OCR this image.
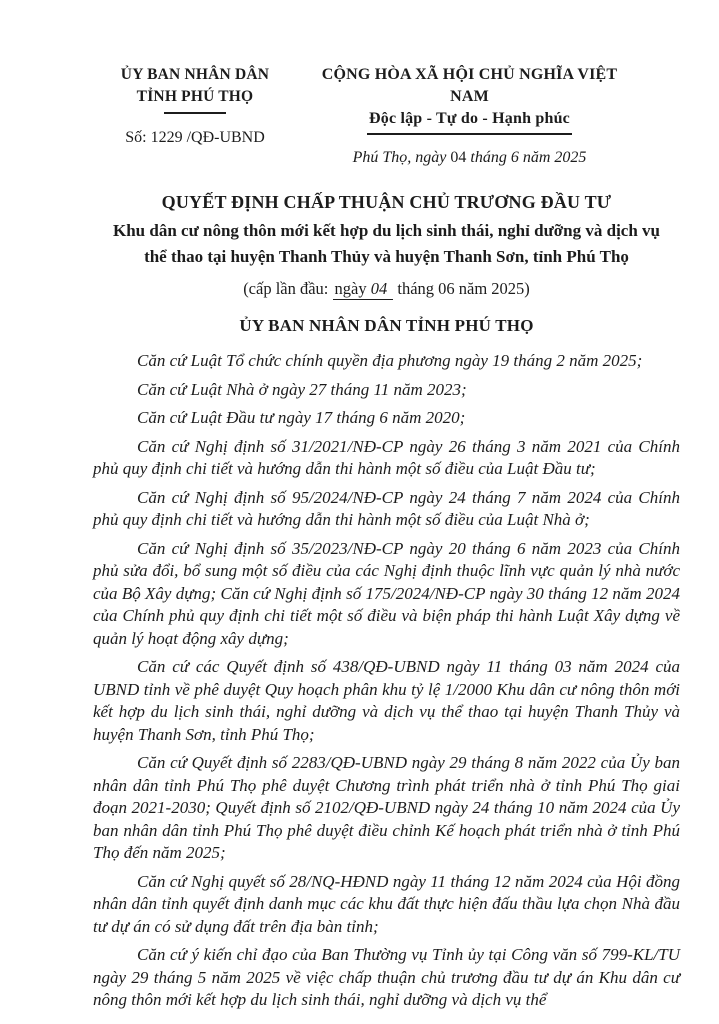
ỦY BAN NHÂN DÂN
TỈNH PHÚ THỌ
Số: 1229 /QĐ-UBND
CỘNG HÒA XÃ HỘI CHỦ NGHĨA VIỆT NAM
Độc lập - Tự do - Hạnh phúc
Phú Thọ, ngày 04 tháng 6 năm 2025
QUYẾT ĐỊNH CHẤP THUẬN CHỦ TRƯƠNG ĐẦU TƯ
Khu dân cư nông thôn mới kết hợp du lịch sinh thái, nghỉ dưỡng và dịch vụ
thể thao tại huyện Thanh Thủy và huyện Thanh Sơn, tỉnh Phú Thọ
(cấp lần đầu: ngày 04 tháng 06 năm 2025)
ỦY BAN NHÂN DÂN TỈNH PHÚ THỌ

Căn cứ Luật Tổ chức chính quyền địa phương ngày 19 tháng 2 năm 2025;

Căn cứ Luật Nhà ở ngày 27 tháng 11 năm 2023;

Căn cứ Luật Đầu tư ngày 17 tháng 6 năm 2020;

Căn cứ Nghị định số 31/2021/NĐ-CP ngày 26 tháng 3 năm 2021 của Chính phủ quy định chi tiết và hướng dẫn thi hành một số điều của Luật Đầu tư;

Căn cứ Nghị định số 95/2024/NĐ-CP ngày 24 tháng 7 năm 2024 của Chính phủ quy định chi tiết và hướng dẫn thi hành một số điều của Luật Nhà ở;

Căn cứ Nghị định số 35/2023/NĐ-CP ngày 20 tháng 6 năm 2023 của Chính phủ sửa đổi, bổ sung một số điều của các Nghị định thuộc lĩnh vực quản lý nhà nước của Bộ Xây dựng; Căn cứ Nghị định số 175/2024/NĐ-CP ngày 30 tháng 12 năm 2024 của Chính phủ quy định chi tiết một số điều và biện pháp thi hành Luật Xây dựng về quản lý hoạt động xây dựng;

Căn cứ các Quyết định số 438/QĐ-UBND ngày 11 tháng 03 năm 2024 của UBND tỉnh về phê duyệt Quy hoạch phân khu tỷ lệ 1/2000 Khu dân cư nông thôn mới kết hợp du lịch sinh thái, nghỉ dưỡng và dịch vụ thể thao tại huyện Thanh Thủy và huyện Thanh Sơn, tỉnh Phú Thọ;

Căn cứ Quyết định số 2283/QĐ-UBND ngày 29 tháng 8 năm 2022 của Ủy ban nhân dân tỉnh Phú Thọ phê duyệt Chương trình phát triển nhà ở tỉnh Phú Thọ giai đoạn 2021-2030; Quyết định số 2102/QĐ-UBND ngày 24 tháng 10 năm 2024 của Ủy ban nhân dân tỉnh Phú Thọ phê duyệt điều chỉnh Kế hoạch phát triển nhà ở tỉnh Phú Thọ đến năm 2025;

Căn cứ Nghị quyết số 28/NQ-HĐND ngày 11 tháng 12 năm 2024 của Hội đồng nhân dân tỉnh quyết định danh mục các khu đất thực hiện đấu thầu lựa chọn Nhà đầu tư dự án có sử dụng đất trên địa bàn tỉnh;

Căn cứ ý kiến chỉ đạo của Ban Thường vụ Tỉnh ủy tại Công văn số 799-KL/TU ngày 29 tháng 5 năm 2025 về việc chấp thuận chủ trương đầu tư dự án Khu dân cư nông thôn mới kết hợp du lịch sinh thái, nghỉ dưỡng và dịch vụ thể
